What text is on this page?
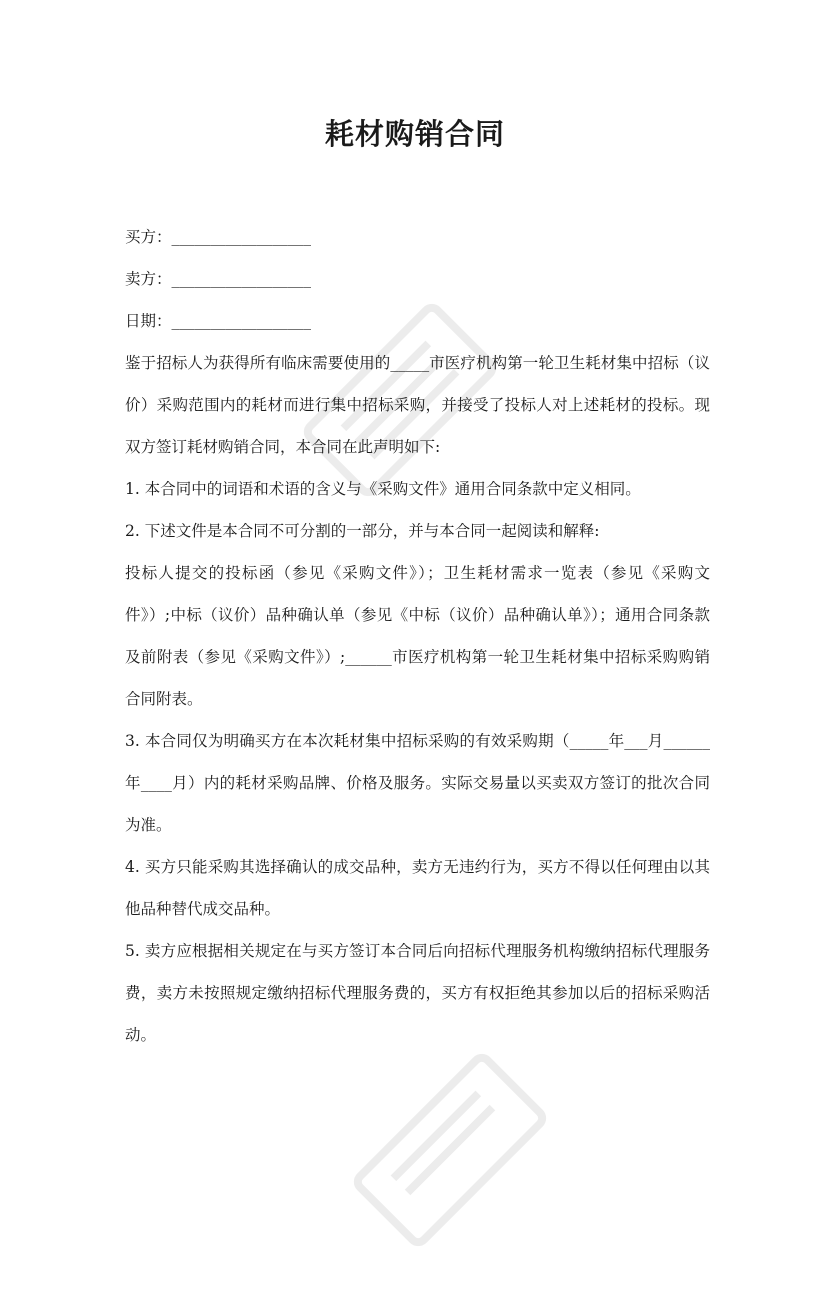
耗材购销合同

买方：__________________

卖方：__________________

日期：__________________

鉴于招标人为获得所有临床需要使用的_____市医疗机构第一轮卫生耗材集中招标（议价）采购范围内的耗材而进行集中招标采购，并接受了投标人对上述耗材的投标。现双方签订耗材购销合同，本合同在此声明如下:

1. 本合同中的词语和术语的含义与《采购文件》通用合同条款中定义相同。

2. 下述文件是本合同不可分割的一部分，并与本合同一起阅读和解释:

投标人提交的投标函（参见《采购文件》）；卫生耗材需求一览表（参见《采购文件》）;中标（议价）品种确认单（参见《中标（议价）品种确认单》）；通用合同条款及前附表（参见《采购文件》）;______市医疗机构第一轮卫生耗材集中招标采购购销合同附表。

3. 本合同仅为明确买方在本次耗材集中招标采购的有效采购期（_____年___月______年____月）内的耗材采购品牌、价格及服务。实际交易量以买卖双方签订的批次合同为准。

4. 买方只能采购其选择确认的成交品种，卖方无违约行为，买方不得以任何理由以其他品种替代成交品种。

5. 卖方应根据相关规定在与买方签订本合同后向招标代理服务机构缴纳招标代理服务费，卖方未按照规定缴纳招标代理服务费的，买方有权拒绝其参加以后的招标采购活动。
